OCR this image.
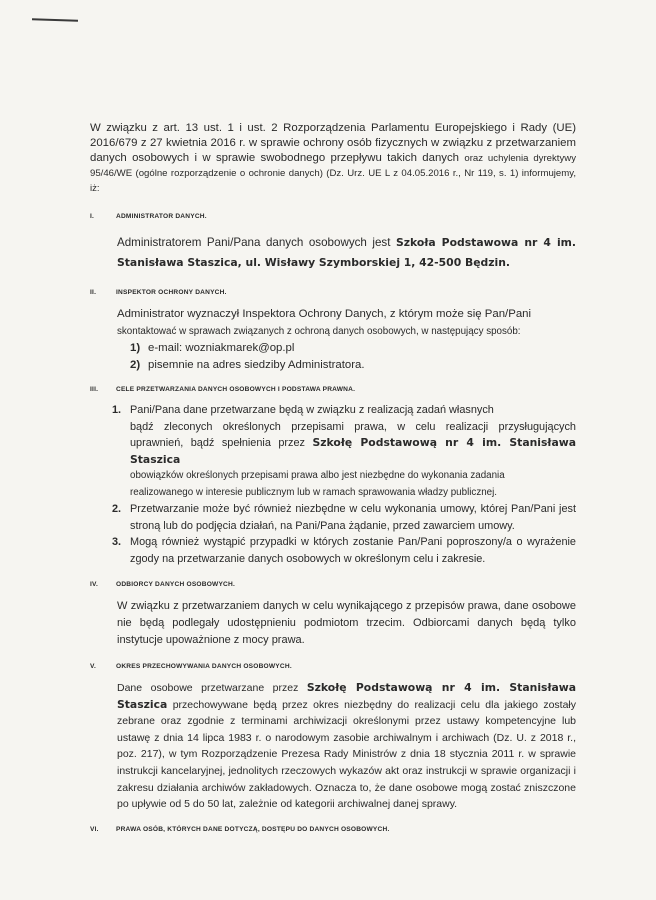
W związku z art. 13 ust. 1 i ust. 2 Rozporządzenia Parlamentu Europejskiego i Rady (UE) 2016/679 z 27 kwietnia 2016 r. w sprawie ochrony osób fizycznych w związku z przetwarzaniem danych osobowych i w sprawie swobodnego przepływu takich danych oraz uchylenia dyrektywy 95/46/WE (ogólne rozporządzenie o ochronie danych) (Dz. Urz. UE L z 04.05.2016 r., Nr 119, s. 1) informujemy, iż:
I.	ADMINISTRATOR DANYCH.
Administratorem Pani/Pana danych osobowych jest Szkoła Podstawowa nr 4 im. Stanisława Staszica, ul. Wisławy Szymborskiej 1, 42-500 Będzin.
II.	INSPEKTOR OCHRONY DANYCH.
Administrator wyznaczył Inspektora Ochrony Danych, z którym może się Pan/Pani
skontaktować w sprawach związanych z ochroną danych osobowych, w następujący sposób:
1) e-mail: wozniakmarek@op.pl
2) pisemnie na adres siedziby Administratora.
III.	CELE PRZETWARZANIA DANYCH OSOBOWYCH I PODSTAWA PRAWNA.
1. Pani/Pana dane przetwarzane będą w związku z realizacją zadań własnych
bądź zleconych określonych przepisami prawa, w celu realizacji przysługujących
uprawnień, bądź spełnienia przez Szkołę Podstawową nr 4 im. Stanisława Staszica
obowiązków określonych przepisami prawa albo jest niezbędne do wykonania zadania
realizowanego w interesie publicznym lub w ramach sprawowania władzy publicznej.
2. Przetwarzanie może być również niezbędne w celu wykonania umowy, której Pan/Pani jest stroną lub do podjęcia działań, na Pani/Pana żądanie, przed zawarciem umowy.
3. Mogą również wystąpić przypadki w których zostanie Pan/Pani poproszony/a o wyrażenie zgody na przetwarzanie danych osobowych w określonym celu i zakresie.
IV.	ODBIORCY DANYCH OSOBOWYCH.
W związku z przetwarzaniem danych w celu wynikającego z przepisów prawa, dane osobowe nie będą podlegały udostępnieniu podmiotom trzecim. Odbiorcami danych będą tylko instytucje upoważnione z mocy prawa.
V.	OKRES PRZECHOWYWANIA DANYCH OSOBOWYCH.
Dane osobowe przetwarzane przez Szkołę Podstawową nr 4 im. Stanisława Staszica przechowywane będą przez okres niezbędny do realizacji celu dla jakiego zostały zebrane oraz zgodnie z terminami archiwizacji określonymi przez ustawy kompetencyjne lub ustawę z dnia 14 lipca 1983 r. o narodowym zasobie archiwalnym i archiwach (Dz. U. z 2018 r., poz. 217), w tym Rozporządzenie Prezesa Rady Ministrów z dnia 18 stycznia 2011 r. w sprawie instrukcji kancelaryjnej, jednolitych rzeczowych wykazów akt oraz instrukcji w sprawie organizacji i zakresu działania archiwów zakładowych. Oznacza to, że dane osobowe mogą zostać zniszczone po upływie od 5 do 50 lat, zależnie od kategorii archiwalnej danej sprawy.
VI.	PRAWA OSÓB, KTÓRYCH DANE DOTYCZĄ, DOSTĘPU DO DANYCH OSOBOWYCH.
